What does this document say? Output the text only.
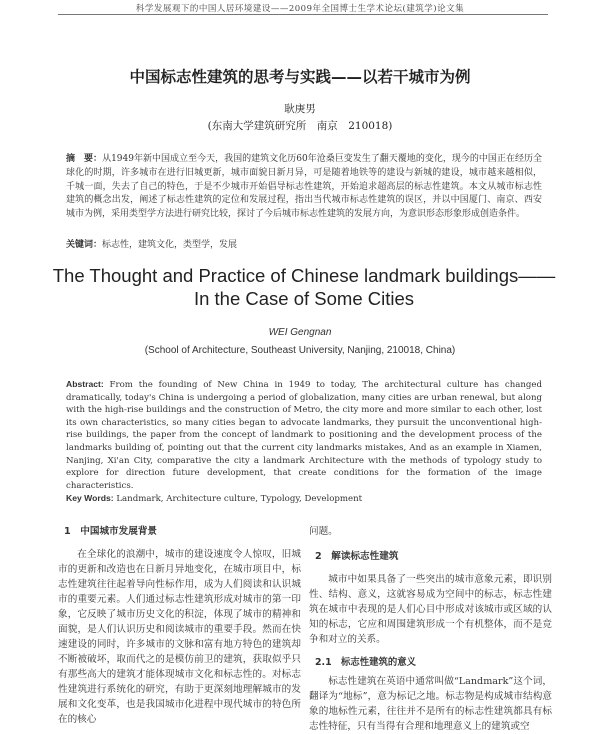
科学发展观下的中国人居环境建设——2009年全国博士生学术论坛(建筑学)论文集
中国标志性建筑的思考与实践——以若干城市为例
耿庚男
(东南大学建筑研究所　南京　210018)
摘　要：从1949年新中国成立至今天，我国的建筑文化历60年沧桑巨变发生了翻天覆地的变化，现今的中国正在经历全球化的时期，许多城市在进行旧城更新，城市面貌日新月异，可是随着地铁等的建设与新城的建设，城市越来越相似，千城一面，失去了自己的特色，于是不少城市开始倡导标志性建筑，开始追求超高层的标志性建筑。本文从城市标志性建筑的概念出发，阐述了标志性建筑的定位和发展过程，指出当代城市标志性建筑的误区，并以中国厦门、南京、西安城市为例，采用类型学方法进行研究比较，探讨了今后城市标志性建筑的发展方向，为意识形态形象形成创造条件。
关键词：标志性，建筑文化，类型学，发展
The Thought and Practice of Chinese landmark buildings——
In the Case of Some Cities
WEI Gengnan
(School of Architecture, Southeast University, Nanjing, 210018, China)
Abstract: From the founding of New China in 1949 to today, The architectural culture has changed dramatically, today's China is undergoing a period of globalization, many cities are urban renewal, but along with the high-rise buildings and the construction of Metro, the city more and more similar to each other, lost its own characteristics, so many cities began to advocate landmarks, they pursuit the unconventional high-rise buildings, the paper from the concept of landmark to positioning and the development process of the landmarks building of, pointing out that the current city landmarks mistakes, And as an example in Xiamen, Nanjing, Xi'an City, comparative the city a landmark Architecture with the methods of typology study to explore for direction future development, that create conditions for the formation of the image characteristics.
Key Words: Landmark, Architecture culture, Typology, Development
1　中国城市发展背景

在全球化的浪潮中，城市的建设速度令人惊叹，旧城市的更新和改造也在日新月异地变化，在城市项目中，标志性建筑往往起着导向性标作用，成为人们阅读和认识城市的重要元素。人们通过标志性建筑形成对城市的第一印象，它反映了城市历史文化的积淀，体现了城市的精神和面貌，是人们认识历史和阅读城市的重要手段。然而在快速建设的同时，许多城市的文脉和富有地方特色的建筑却不断被破坏，取而代之的是模仿前卫的建筑，获取似乎只有那些高大的建筑才能体现城市文化和标志性的。对标志性建筑进行系统化的研究，有助于更深刻地理解城市的发展和文化变革，也是我国城市化进程中现代城市的特色所在的核心

问题。

2　解读标志性建筑

城市中如果具备了一些突出的城市意象元素，即识别性、结构、意义，这就容易成为空间中的标志，标志性建筑在城市中表现的是人们心目中形成对该城市或区域的认知的标志，它应和周围建筑形成一个有机整体，而不是竞争和对立的关系。

2.1　标志性建筑的意义

标志性建筑在英语中通常叫做“Landmark”这个词，翻译为“地标”，意为标记之地。标志物是构成城市结构意象的地标性元素，往往并不是所有的标志性建筑都具有标志性特征，只有当得有合理和地理意义上的建筑或空
